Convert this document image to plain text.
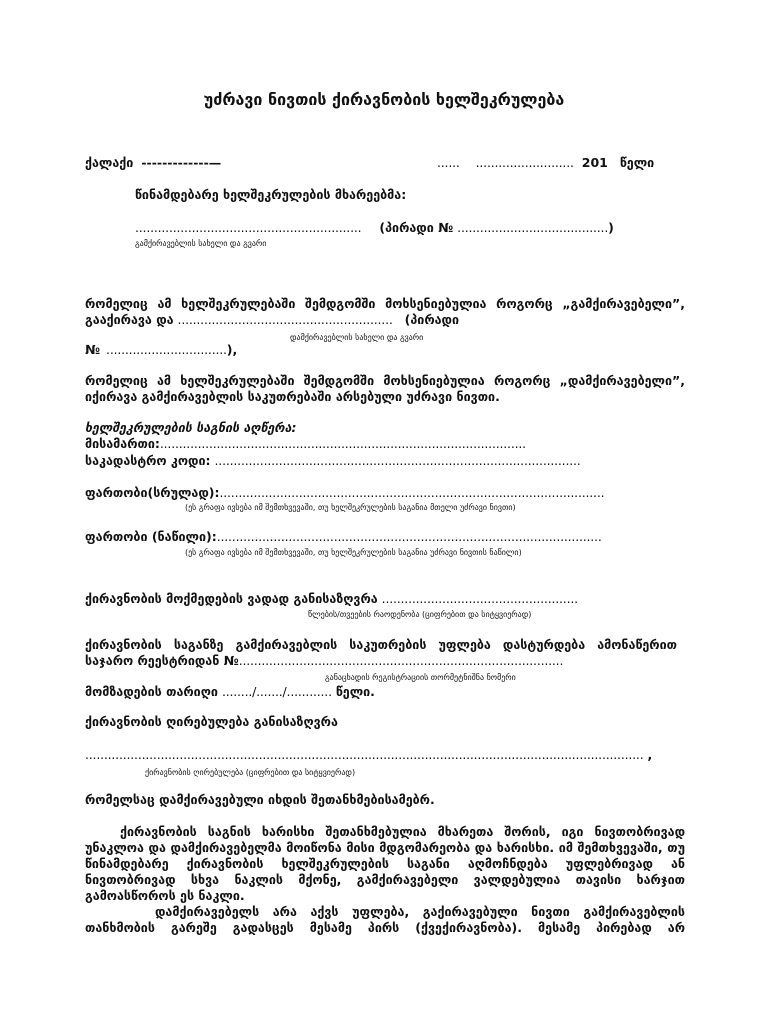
უძრავი ნივთის ქირავნობის ხელშეკრულება
ქალაქი -------------—	...... .......................... 201 წელი
წინამდებარე ხელშეკრულების მხარეებმა:
............................................................ (პირადი № ........................................)
გამქირავებლის სახელი და გვარი
რომელიც ამ ხელშეკრულებაში შემდგომში მოხსენიებულია როგორც „გამქირავებელი”,
გააქირავა და ......................................................... (პირადი
დამქირავებლის სახელი და გვარი
№ ................................),
რომელიც ამ ხელშეკრულებაში შემდგომში მოხსენიებულია როგორც „დამქირავებელი”,
იქირავა გამქირავებლის საკუთრებაში არსებული უძრავი ნივთი.
ხელშეკრულების საგნის აღწერა:
მისამართი:.................................................................................................
საკადასტრო კოდი: .................................................................................................
ფართობი(სრულად):......................................................................................................
(ეს გრაფა ივსება იმ შემთხვევაში, თუ ხელშეკრულების საგანია მთელი უძრავი ნივთი)
ფართობი (ნაწილი):......................................................................................................
(ეს გრაფა ივსება იმ შემთხვევაში, თუ ხელშეკრულების საგანია უძრავი ნივთის ნაწილი)
ქირავნობის მოქმედების ვადად განისაზღვრა ....................................................
წლების/თვეების რაოდენობა (ციფრებით და სიტყვიერად)
ქირავნობის საგანზე გამქირავებლის საკუთრების უფლება დასტურდება ამონაწერით
საჯარო რეესტრიდან №......................................................................................
განაცხადის რეგისტრაციის თორმეტნიშნა ნომერი
მომზადების თარიღი ......../......./............ წელი.
ქირავნობის ღირებულება განისაზღვრა
.................................................................................................................................................... ,
ქირავნობის ღირებულება (ციფრებით და სიტყვიერად)
რომელსაც დამქირავებული იხდის შეთანხმებისამებრ.

ქირავნობის საგნის ხარისხი შეთანხმებულია მხარეთა შორის, იგი ნივთობრივად უნაკლოა და დამქირავებელმა მოიწონა მისი მდგომარეობა და ხარისხი. იმ შემთხვევაში, თუ წინამდებარე ქირავნობის ხელშეკრულების საგანი აღმოჩნდება უფლებრივად ან ნივთობრივად სხვა ნაკლის მქონე, გამქირავებელი ვალდებულია თავისი ხარჯით გამოასწოროს ეს ნაკლი.

დამქირავებელს არა აქვს უფლება, გაქირავებული ნივთი გამქირავებლის თანხმობის გარეშე გადასცეს მესამე პირს (ქვექირავნობა). მესამე პირებად არ
